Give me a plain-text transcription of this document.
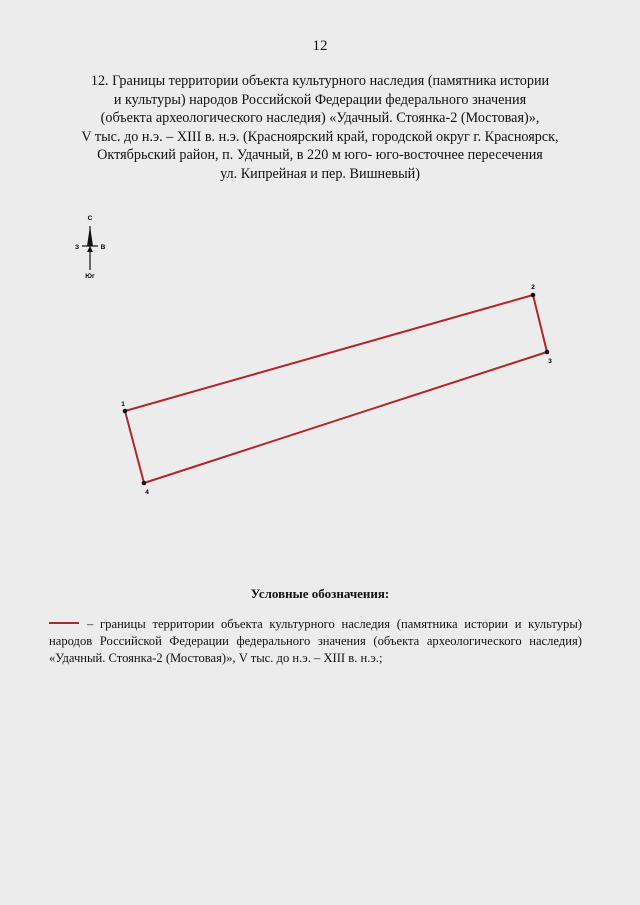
12
12. Границы территории объекта культурного наследия (памятника истории
и культуры) народов Российской Федерации федерального значения
(объекта археологического наследия) «Удачный. Стоянка-2 (Мостовая)»,
V тыс. до н.э. – XIII в. н.э. (Красноярский край, городской округ г. Красноярск,
Октябрьский район, п. Удачный, в 220 м юго- юго-восточнее пересечения
ул. Кипрейная и пер. Вишневый)
С
Юг
З	В
1
2
3
4
Условные обозначения:
– границы территории объекта культурного наследия (памятника истории и культуры) народов Российской Федерации федерального значения (объекта археологического наследия) «Удачный. Стоянка-2 (Мостовая)», V тыс. до н.э. – XIII в. н.э.;
